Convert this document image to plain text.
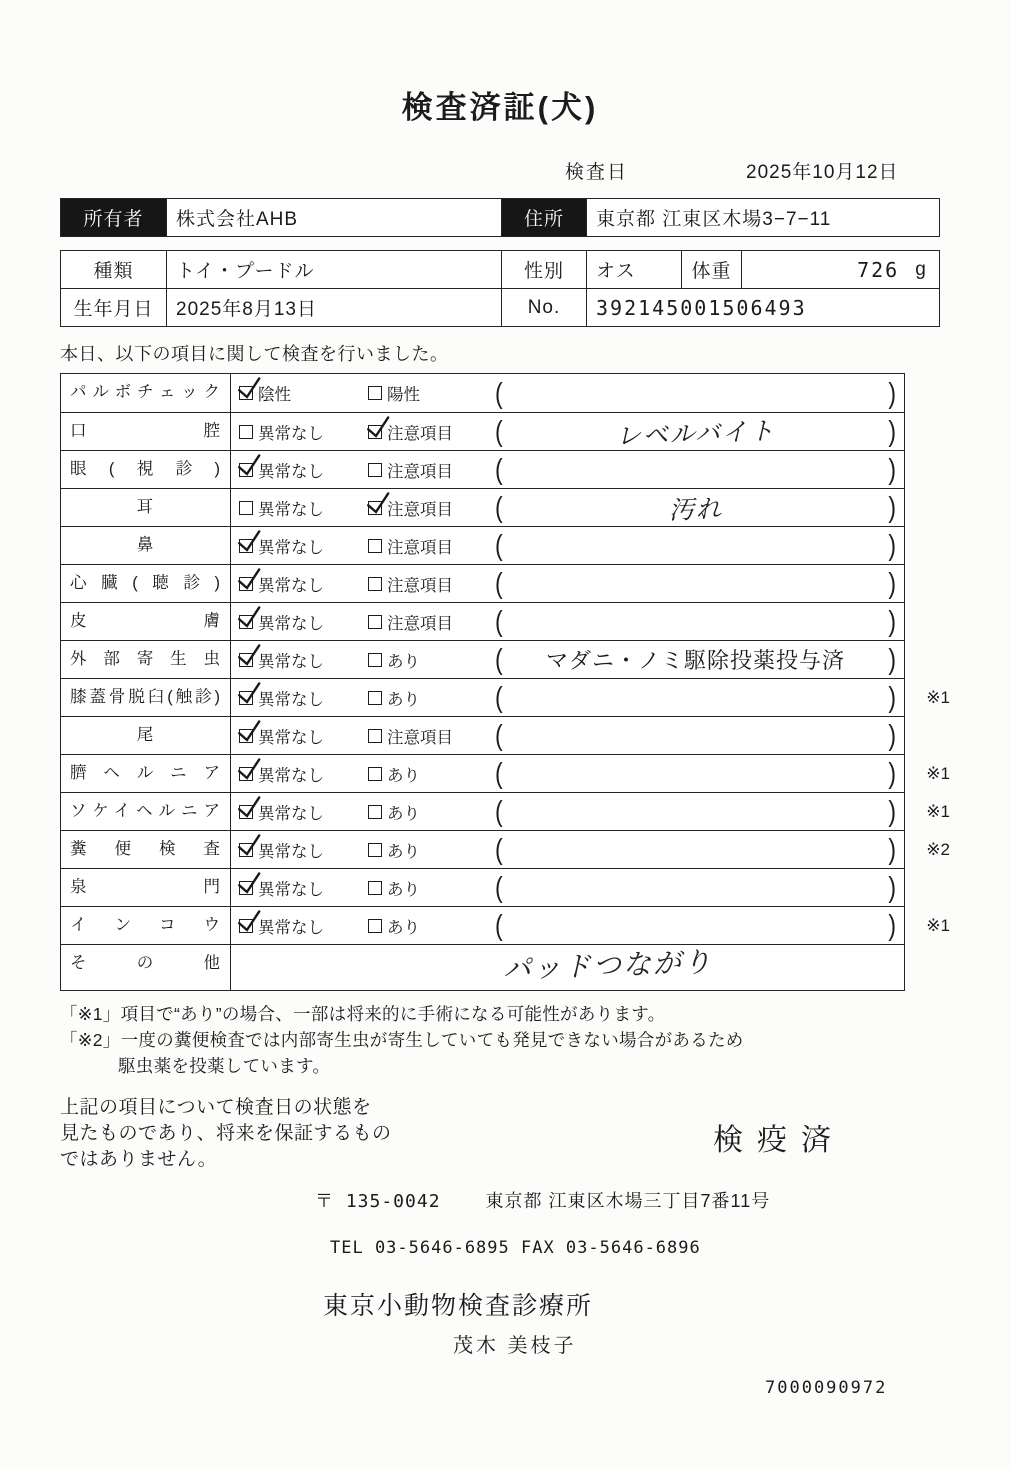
検査済証(犬)
検査日	2025年10月12日
所有者	株式会社AHB	住所	東京都 江東区木場3−7−11
種類	トイ・プードル	性別	オス	体重	726 g
生年月日	2025年8月13日	No.	392145001506493

本日、以下の項目に関して検査を行いました。

パルボチェック	陰性	陽性	(	)
口腔	異常なし	注意項目 (	レベルバイト	)
眼(視診)	異常なし	注意項目 (	)
耳	異常なし	注意項目 (	汚れ	)
鼻	異常なし	注意項目 (	)
心臓(聴診)	異常なし	注意項目 (	)
皮膚	異常なし	注意項目 (	)
外部寄生虫	異常なし	あり	(	マダニ・ノミ駆除投薬投与済	)
膝蓋骨脱臼(触診)	異常なし	あり	(	) ※1
尾	異常なし	注意項目 (	)
臍ヘルニア	異常なし	あり	(	) ※1
ソケイヘルニア	異常なし	あり	(	) ※1
糞便検査	異常なし	あり	(	) ※2
泉門	異常なし	あり	(	)
インコウ	異常なし	あり	(	) ※1
その他	パッドつながり

「※1」項目で“あり”の場合、一部は将来的に手術になる可能性があります。

「※2」一度の糞便検査では内部寄生虫が寄生していても発見できない場合があるため

駆虫薬を投薬しています。

上記の項目について検査日の状態を

見たものであり、将来を保証するもの

ではありません。

検疫済
〒 135-0042	東京都 江東区木場三丁目7番11号

TEL 03-5646-6895 FAX 03-5646-6896

東京小動物検査診療所

茂木 美枝子

7000090972
